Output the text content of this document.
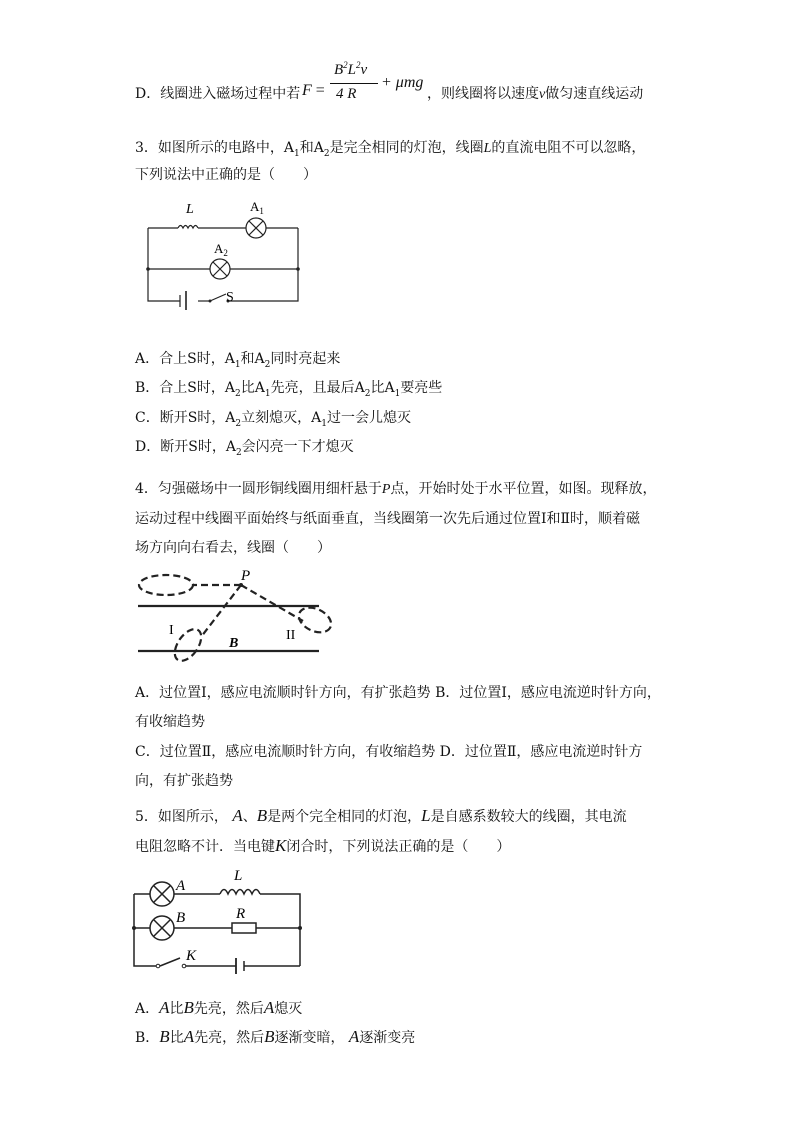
D．线圈进入磁场过程中若 F =
$B^2L^2v$
4 R
+ μmg
，则线圈将以速度v做匀速直线运动
3．如图所示的电路中，$A_1$和$A_2$是完全相同的灯泡，线圈L的直流电阻不可以忽略，
下列说法中正确的是（　　）
L	$A_1$
$A_2$
S
A．合上S时，$A_1$和$A_2$同时亮起来
B．合上S时，$A_2$比$A_1$先亮，且最后$A_2$比$A_1$要亮些
C．断开S时，$A_2$立刻熄灭，$A_1$过一会儿熄灭
D．断开S时，$A_2$会闪亮一下才熄灭
4．匀强磁场中一圆形铜线圈用细杆悬于P点，开始时处于水平位置，如图。现释放，
运动过程中线圈平面始终与纸面垂直，当线圈第一次先后通过位置Ⅰ和Ⅱ时，顺着磁
场方向向右看去，线圈（　　）
P
I	II
B
A．过位置Ⅰ，感应电流顺时针方向，有扩张趋势 B．过位置Ⅰ，感应电流逆时针方向，
有收缩趋势
C．过位置Ⅱ，感应电流顺时针方向，有收缩趋势 D．过位置Ⅱ，感应电流逆时针方
向，有扩张趋势
5．如图所示， A、B是两个完全相同的灯泡，L是自感系数较大的线圈，其电流
电阻忽略不计．当电键K闭合时，下列说法正确的是（　　）
A
B
L
R
K
A．A比B先亮，然后A熄灭
B．B比A先亮，然后B逐渐变暗， A逐渐变亮
